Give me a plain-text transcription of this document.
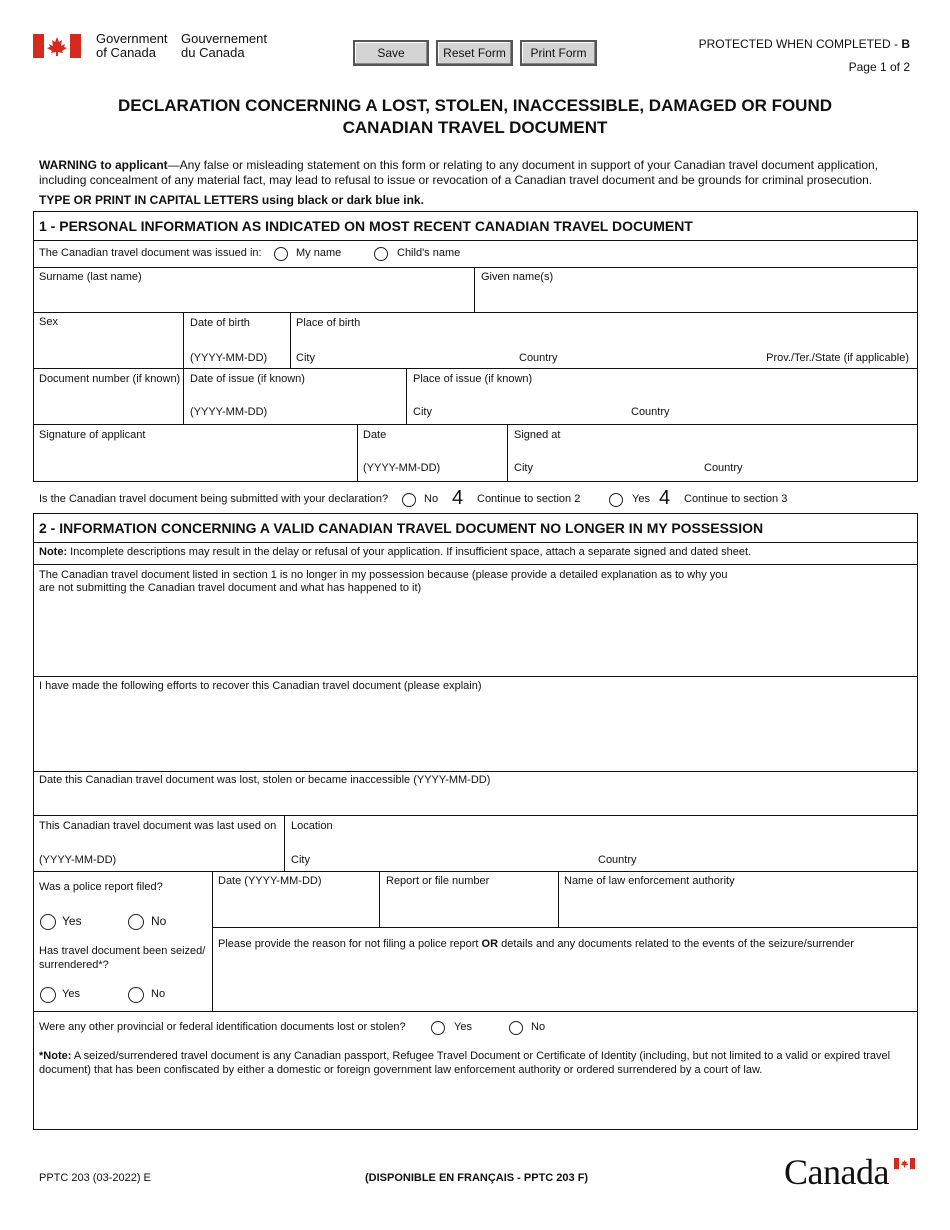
Government
of Canada
Gouvernement
du Canada	Save	Reset Form	Print Form
PROTECTED WHEN COMPLETED - B
Page 1 of 2
DECLARATION CONCERNING A LOST, STOLEN, INACCESSIBLE, DAMAGED OR FOUND
CANADIAN TRAVEL DOCUMENT
WARNING to applicant—Any false or misleading statement on this form or relating to any document in support of your Canadian travel document application, including concealment of any material fact, may lead to refusal to issue or revocation of a Canadian travel document and be grounds for criminal prosecution.
TYPE OR PRINT IN CAPITAL LETTERS using black or dark blue ink.
1 - PERSONAL INFORMATION AS INDICATED ON MOST RECENT CANADIAN TRAVEL DOCUMENT
The Canadian travel document was issued in:	My name	Child's name
Surname (last name)	Given name(s)
Sex	Date of birth
(YYYY-MM-DD)
Place of birth
City	Country	Prov./Ter./State (if applicable)
Document number (if known) Date of issue (if known)
(YYYY-MM-DD)
Place of issue (if known)
City	Country
Signature of applicant	Date
(YYYY-MM-DD)
Signed at
City	Country
Is the Canadian travel document being submitted with your declaration?	No 4 Continue to section 2	Yes 4 Continue to section 3
2 - INFORMATION CONCERNING A VALID CANADIAN TRAVEL DOCUMENT NO LONGER IN MY POSSESSION
Note: Incomplete descriptions may result in the delay or refusal of your application. If insufficient space, attach a separate signed and dated sheet.
The Canadian travel document listed in section 1 is no longer in my possession because (please provide a detailed explanation as to why you
are not submitting the Canadian travel document and what has happened to it)
I have made the following efforts to recover this Canadian travel document (please explain)
Date this Canadian travel document was lost, stolen or became inaccessible (YYYY-MM-DD)
This Canadian travel document was last used on
(YYYY-MM-DD)
Location
City	Country
Was a police report filed?
Yes	No
Date (YYYY-MM-DD)	Report or file number	Name of law enforcement authority
Has travel document been seized/
surrendered*?
Yes	No
Please provide the reason for not filing a police report OR details and any documents related to the events of the seizure/surrender
Were any other provincial or federal identification documents lost or stolen?	Yes	No
*Note: A seized/surrendered travel document is any Canadian passport, Refugee Travel Document or Certificate of Identity (including, but not limited to a valid or expired travel document) that has been confiscated by either a domestic or foreign government law enforcement authority or ordered surrendered by a court of law.
PPTC 203 (03-2022) E	(DISPONIBLE EN FRANÇAIS - PPTC 203 F)	Canada
